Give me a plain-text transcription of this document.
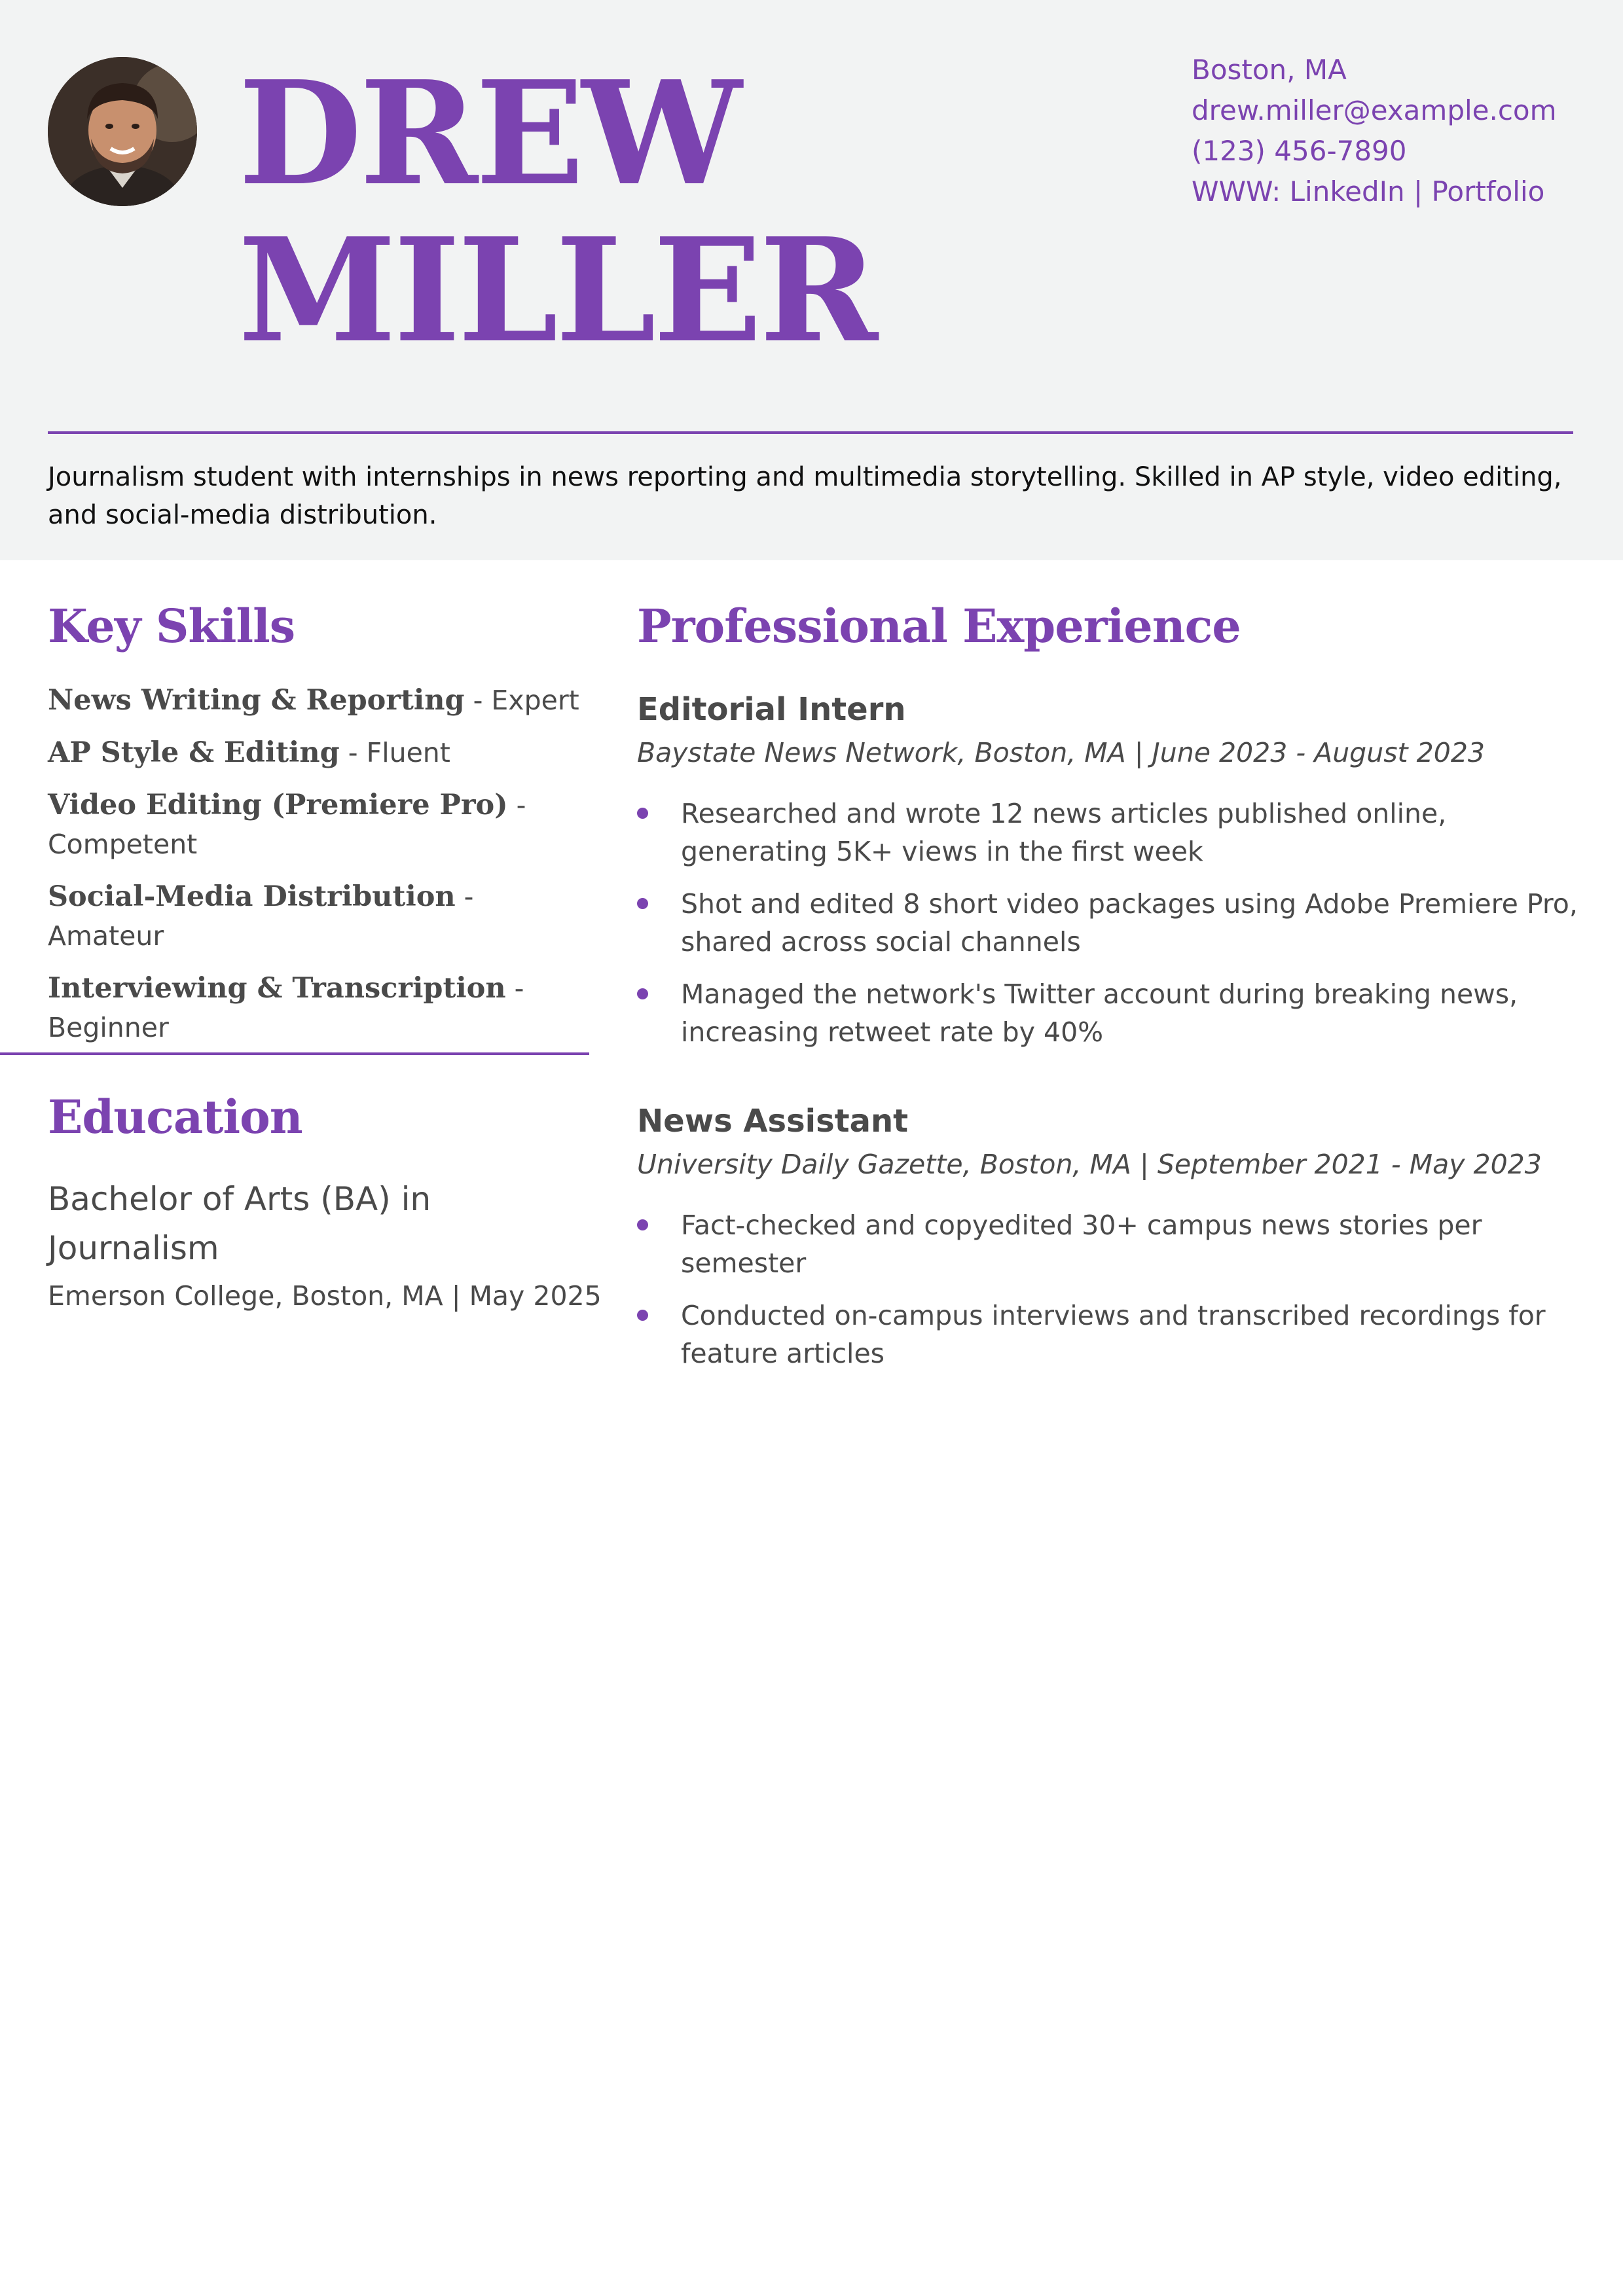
DREW
MILLER
Boston, MA
drew.miller@example.com
(123) 456-7890
WWW: LinkedIn | Portfolio
Journalism student with internships in news reporting and multimedia storytelling. Skilled in AP style, video editing, and social-media distribution.
Key Skills
News Writing & Reporting - Expert
AP Style & Editing - Fluent
Video Editing (Premiere Pro) - Competent
Social-Media Distribution - Amateur
Interviewing & Transcription - Beginner
Education
Bachelor of Arts (BA) in Journalism
Emerson College, Boston, MA | May 2025
Professional Experience
Editorial Intern
Baystate News Network, Boston, MA | June 2023 - August 2023
Researched and wrote 12 news articles published online, generating 5K+ views in the first week
Shot and edited 8 short video packages using Adobe Premiere Pro, shared across social channels
Managed the network's Twitter account during breaking news, increasing retweet rate by 40%
News Assistant
University Daily Gazette, Boston, MA | September 2021 - May 2023
Fact-checked and copyedited 30+ campus news stories per semester
Conducted on-campus interviews and transcribed recordings for feature articles
